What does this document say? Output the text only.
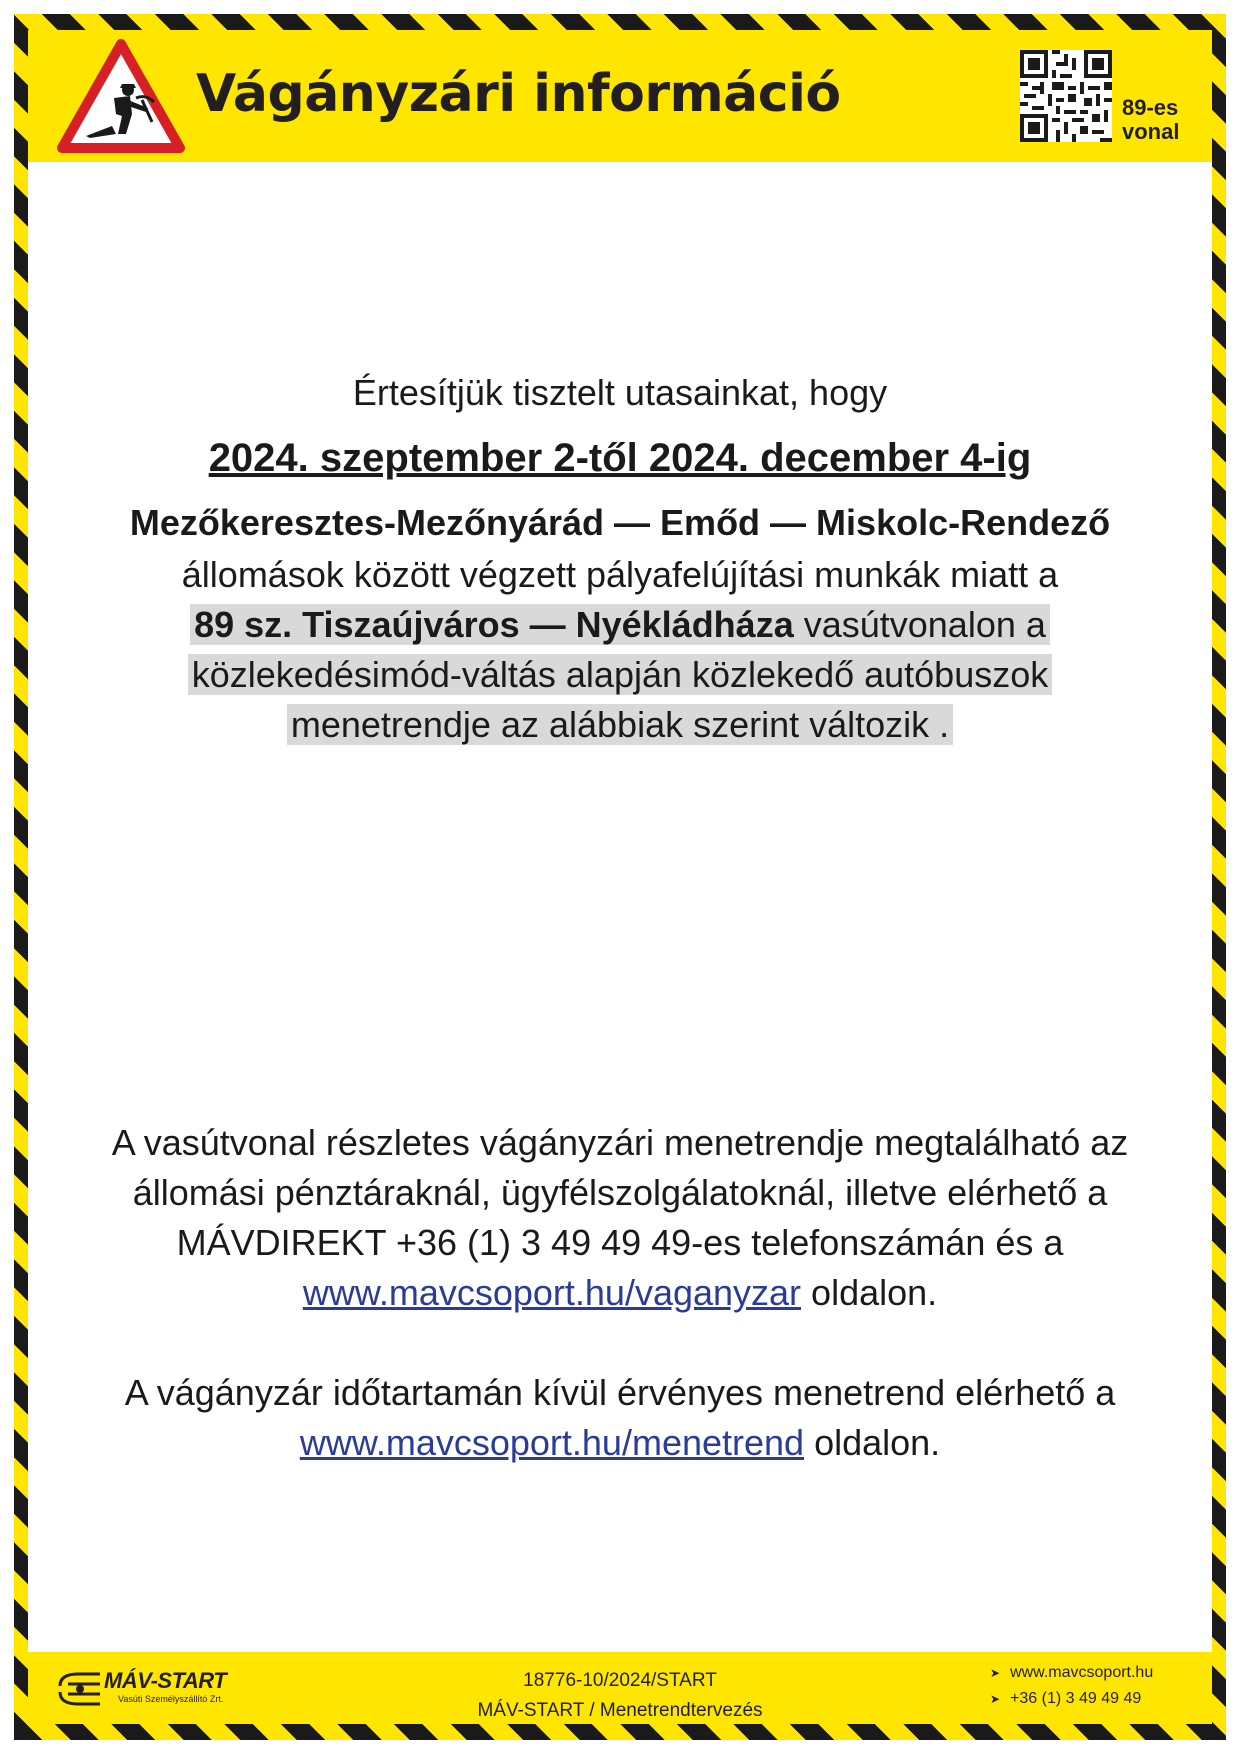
Vágányzári információ	89-es
vonal
Értesítjük tisztelt utasainkat, hogy
2024. szeptember 2-től 2024. december 4-ig
Mezőkeresztes-Mezőnyárád — Emőd — Miskolc-Rendező
állomások között végzett pályafelújítási munkák miatt a
89 sz. Tiszaújváros — Nyékládháza vasútvonalon a
közlekedésimód-váltás alapján közlekedő autóbuszok
menetrendje az alábbiak szerint változik .
A vasútvonal részletes vágányzári menetrendje megtalálható az
állomási pénztáraknál, ügyfélszolgálatoknál, illetve elérhető a
MÁVDIREKT +36 (1) 3 49 49 49-es telefonszámán és a
www.mavcsoport.hu/vaganyzar oldalon.
A vágányzár időtartamán kívül érvényes menetrend elérhető a
www.mavcsoport.hu/menetrend oldalon.
MÁV-START
Vasúti Személyszállító Zrt.
18776-10/2024/START
MÁV-START / Menetrendtervezés
➤ www.mavcsoport.hu
➤ +36 (1) 3 49 49 49
